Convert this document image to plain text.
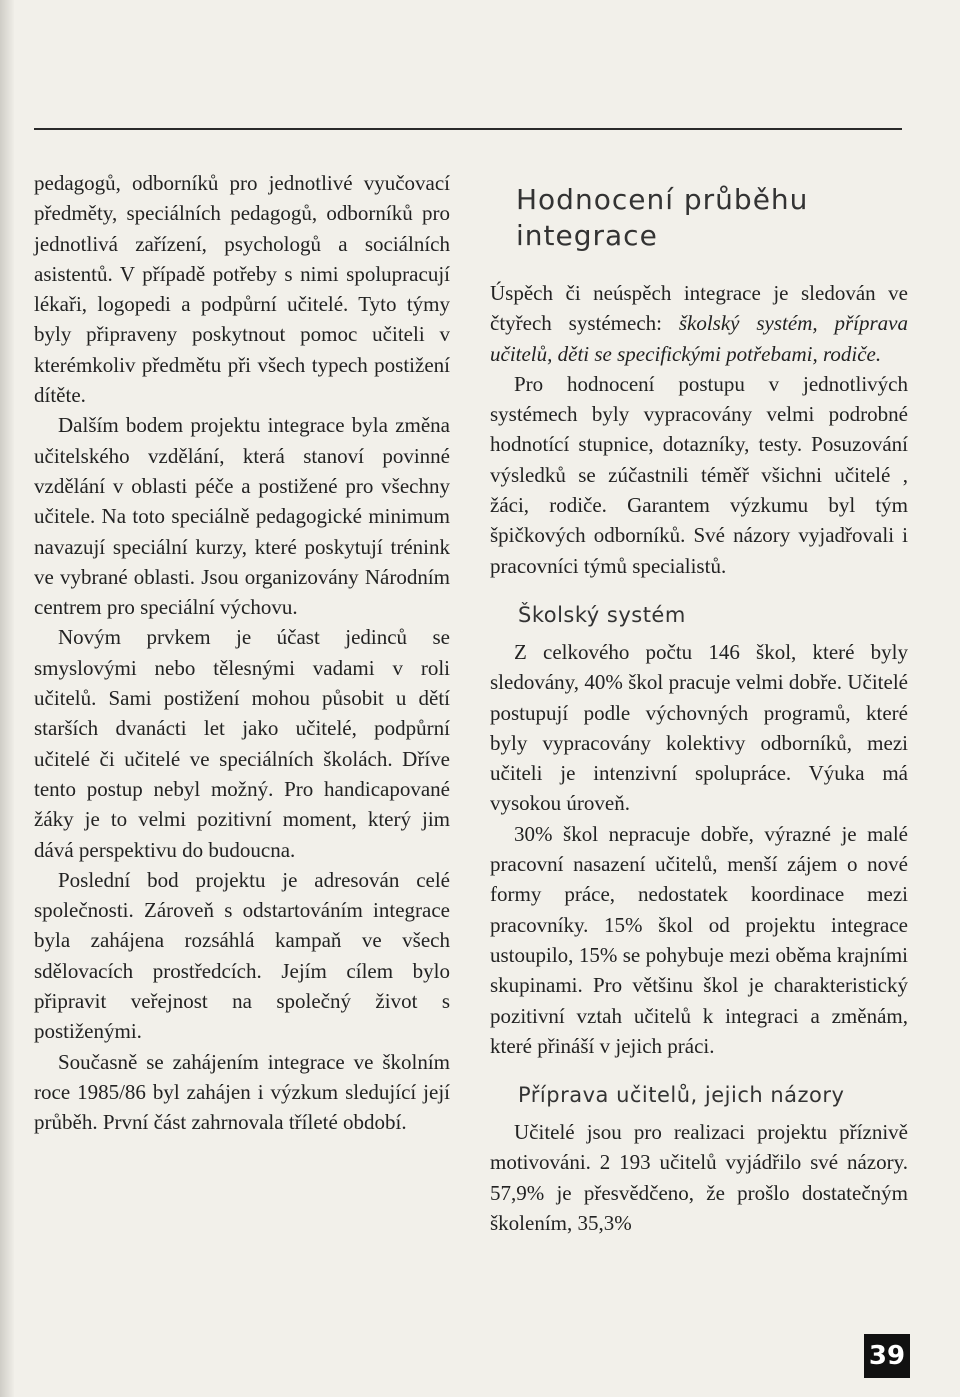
pedagogů, odborníků pro jednotlivé vyučovací předměty, speciálních pedagogů, odborníků pro jednotlivá zařízení, psychologů a sociálních asistentů. V případě potřeby s nimi spolupracují lékaři, logopedi a podpůrní učitelé. Tyto týmy byly připraveny poskytnout pomoc učiteli v kterémkoliv předmětu při všech typech postižení dítěte.

Dalším bodem projektu integrace byla změna učitelského vzdělání, která stanoví povinné vzdělání v oblasti péče a postižené pro všechny učitele. Na toto speciálně pedagogické minimum navazují speciální kurzy, které poskytují trénink ve vybrané oblasti. Jsou organizovány Národním centrem pro speciální výchovu.

Novým prvkem je účast jedinců se smyslovými nebo tělesnými vadami v roli učitelů. Sami postižení mohou působit u dětí starších dvanácti let jako učitelé, podpůrní učitelé či učitelé ve speciálních školách. Dříve tento postup nebyl možný. Pro handicapované žáky je to velmi pozitivní moment, který jim dává perspektivu do budoucna.

Poslední bod projektu je adresován celé společnosti. Zároveň s odstartováním integrace byla zahájena rozsáhlá kampaň ve všech sdělovacích prostředcích. Jejím cílem bylo připravit veřejnost na společný život s postiženými.

Současně se zahájením integrace ve školním roce 1985/86 byl zahájen i výzkum sledující její průběh. První část zahrnovala tříleté období.

Hodnocení průběhu integrace

Úspěch či neúspěch integrace je sledován ve čtyřech systémech: školský systém, příprava učitelů, děti se specifickými potřebami, rodiče.

Pro hodnocení postupu v jednotlivých systémech byly vypracovány velmi podrobné hodnotící stupnice, dotazníky, testy. Posuzování výsledků se zúčastnili téměř všichni učitelé , žáci, rodiče. Garantem výzkumu byl tým špičkových odborníků. Své názory vyjadřovali i pracovníci týmů specialistů.

Školský systém

Z celkového počtu 146 škol, které byly sledovány, 40% škol pracuje velmi dobře. Učitelé postupují podle výchovných programů, které byly vypracovány kolektivy odborníků, mezi učiteli je intenzivní spolupráce. Výuka má vysokou úroveň.

30% škol nepracuje dobře, výrazné je malé pracovní nasazení učitelů, menší zájem o nové formy práce, nedostatek koordinace mezi pracovníky. 15% škol od projektu integrace ustoupilo, 15% se pohybuje mezi oběma krajními skupinami. Pro většinu škol je charakteristický pozitivní vztah učitelů k integraci a změnám, které přináší v jejich práci.

Příprava učitelů, jejich názory

Učitelé jsou pro realizaci projektu příznivě motivováni. 2 193 učitelů vyjádřilo své názory. 57,9% je přesvědčeno, že prošlo dostatečným školením, 35,3%

39
